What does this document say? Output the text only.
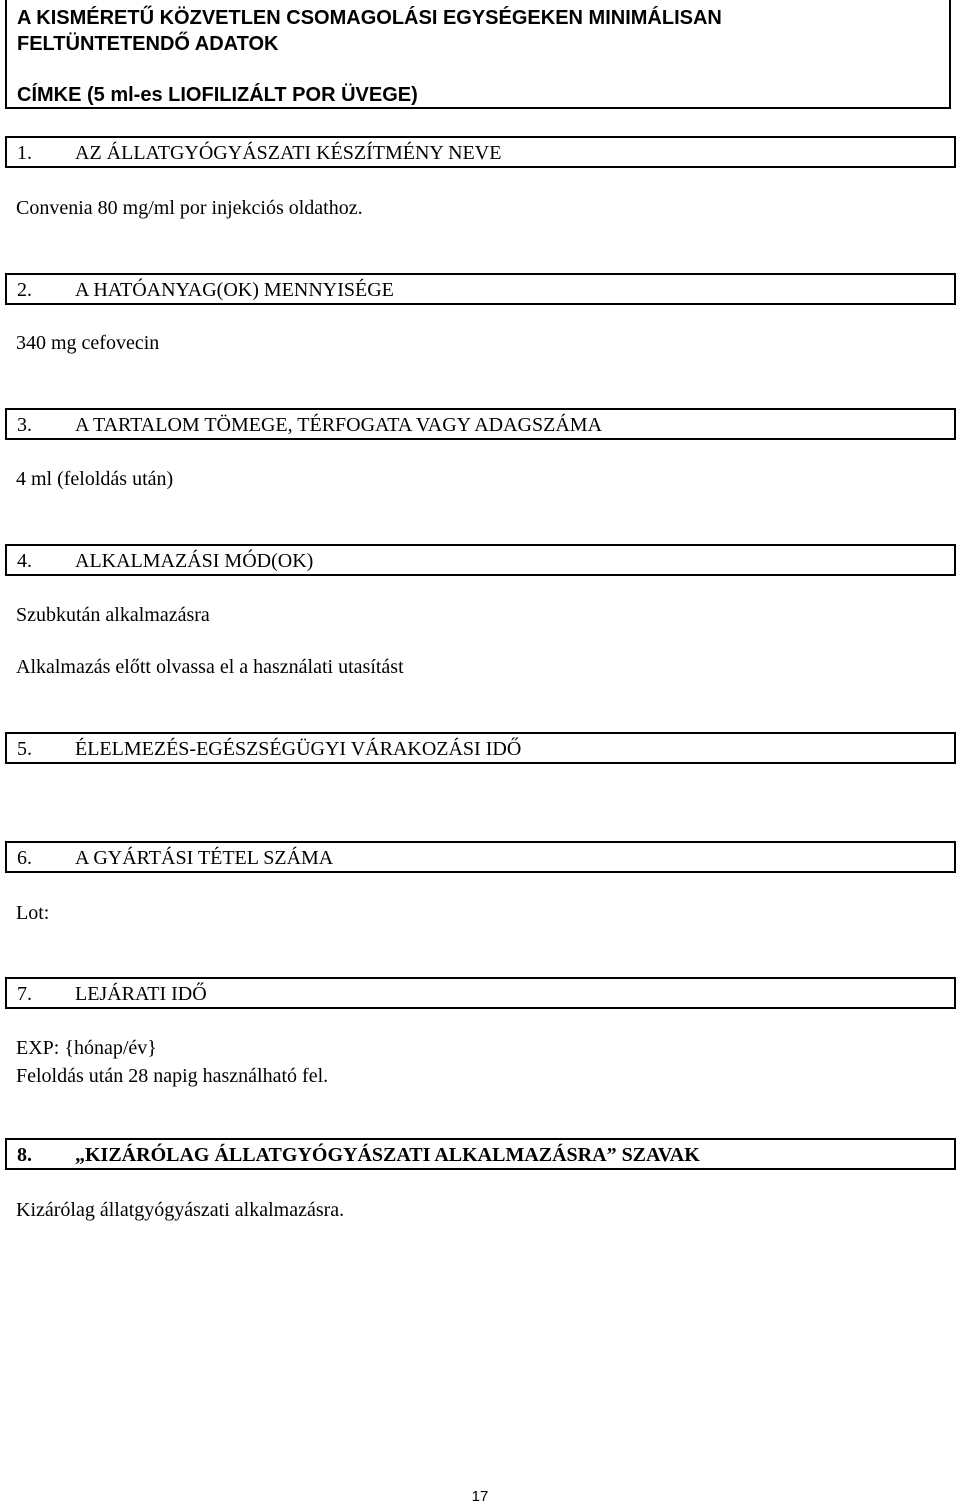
A KISMÉRETŰ KÖZVETLEN CSOMAGOLÁSI EGYSÉGEKEN MINIMÁLISAN
FELTÜNTETENDŐ ADATOK
CÍMKE (5 ml-es LIOFILIZÁLT POR ÜVEGE)
1. AZ ÁLLATGYÓGYÁSZATI KÉSZÍTMÉNY NEVE
Convenia 80 mg/ml por injekciós oldathoz.
2. A HATÓANYAG(OK) MENNYISÉGE
340 mg cefovecin
3. A TARTALOM TÖMEGE, TÉRFOGATA VAGY ADAGSZÁMA
4 ml (feloldás után)
4. ALKALMAZÁSI MÓD(OK)
Szubkután alkalmazásra
Alkalmazás előtt olvassa el a használati utasítást
5. ÉLELMEZÉS-EGÉSZSÉGÜGYI VÁRAKOZÁSI IDŐ
6. A GYÁRTÁSI TÉTEL SZÁMA
Lot:
7. LEJÁRATI IDŐ
EXP: {hónap/év}
Feloldás után 28 napig használható fel.
8. „KIZÁRÓLAG ÁLLATGYÓGYÁSZATI ALKALMAZÁSRA” SZAVAK
Kizárólag állatgyógyászati alkalmazásra.
17
